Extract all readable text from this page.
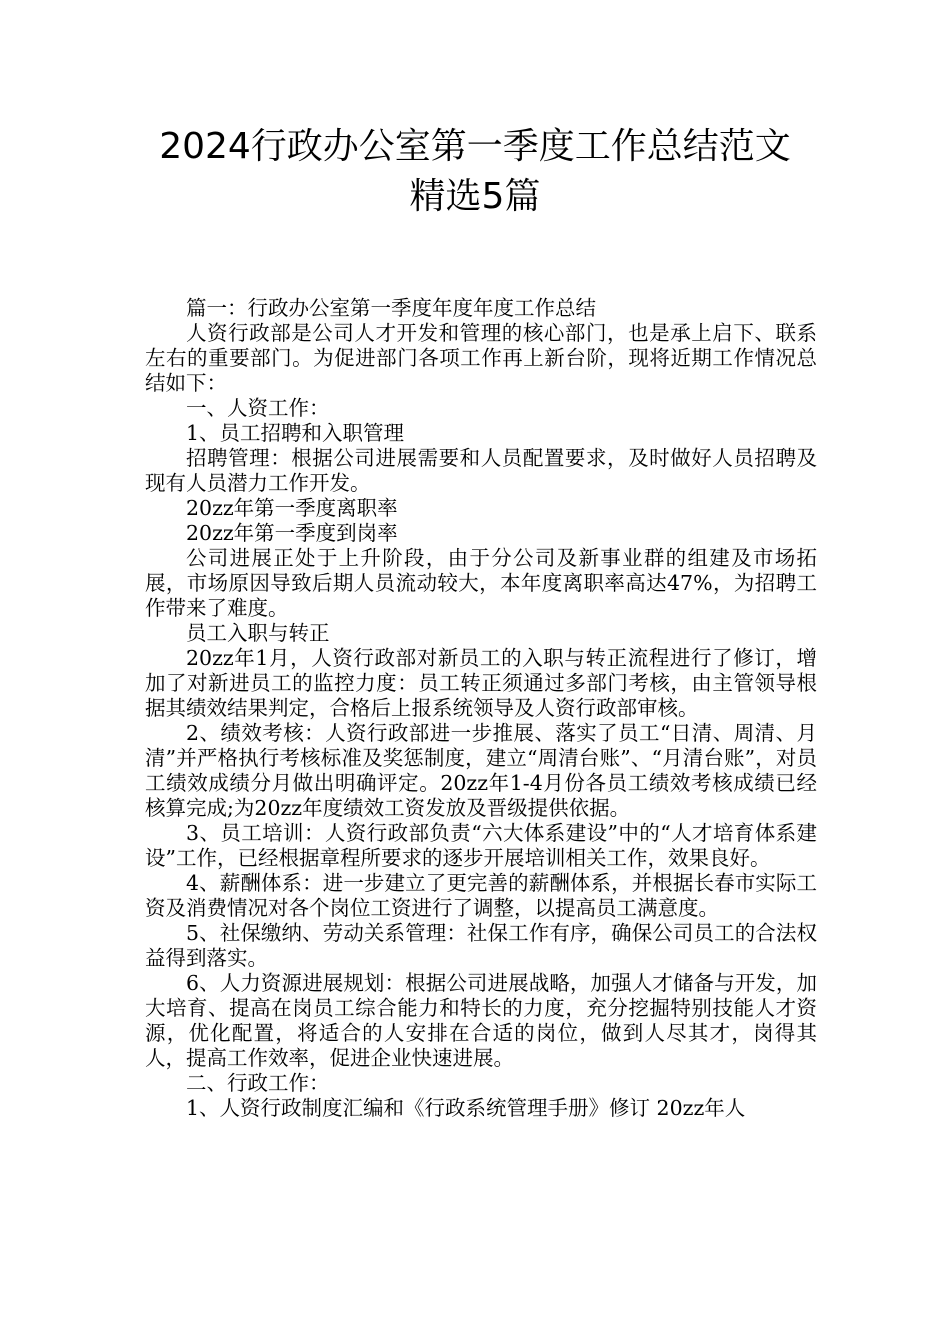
2024行政办公室第一季度工作总结范文
精选5篇

篇一：行政办公室第一季度年度年度工作总结

人资行政部是公司人才开发和管理的核心部门，也是承上启下、联系左右的重要部门。为促进部门各项工作再上新台阶，现将近期工作情况总结如下：

一、人资工作：

1、员工招聘和入职管理

招聘管理：根据公司进展需要和人员配置要求，及时做好人员招聘及现有人员潜力工作开发。

20zz年第一季度离职率

20zz年第一季度到岗率

公司进展正处于上升阶段，由于分公司及新事业群的组建及市场拓展，市场原因导致后期人员流动较大，本年度离职率高达47%，为招聘工作带来了难度。

员工入职与转正

20zz年1月，人资行政部对新员工的入职与转正流程进行了修订，增加了对新进员工的监控力度：员工转正须通过多部门考核，由主管领导根据其绩效结果判定，合格后上报系统领导及人资行政部审核。

2、绩效考核：人资行政部进一步推展、落实了员工“日清、周清、月清”并严格执行考核标准及奖惩制度，建立“周清台账”、“月清台账”，对员工绩效成绩分月做出明确评定。20zz年1-4月份各员工绩效考核成绩已经核算完成;为20zz年度绩效工资发放及晋级提供依据。

3、员工培训：人资行政部负责“六大体系建设”中的“人才培育体系建设”工作，已经根据章程所要求的逐步开展培训相关工作，效果良好。

4、薪酬体系：进一步建立了更完善的薪酬体系，并根据长春市实际工资及消费情况对各个岗位工资进行了调整，以提高员工满意度。

5、社保缴纳、劳动关系管理：社保工作有序，确保公司员工的合法权益得到落实。

6、人力资源进展规划：根据公司进展战略，加强人才储备与开发，加大培育、提高在岗员工综合能力和特长的力度，充分挖掘特别技能人才资源，优化配置，将适合的人安排在合适的岗位，做到人尽其才，岗得其人，提高工作效率，促进企业快速进展。

二、行政工作：

1、人资行政制度汇编和《行政系统管理手册》修订 20zz年人
